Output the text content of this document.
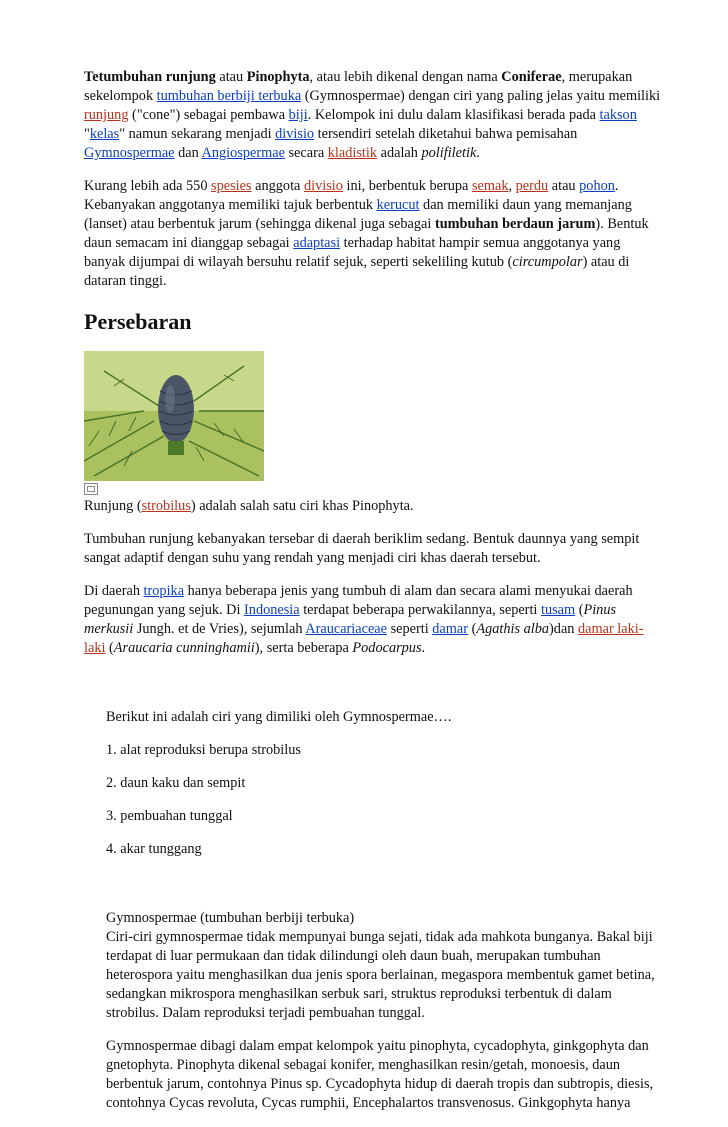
Tetumbuhan runjung atau Pinophyta, atau lebih dikenal dengan nama Coniferae, merupakan sekelompok tumbuhan berbiji terbuka (Gymnospermae) dengan ciri yang paling jelas yaitu memiliki runjung ("cone") sebagai pembawa biji. Kelompok ini dulu dalam klasifikasi berada pada takson "kelas" namun sekarang menjadi divisio tersendiri setelah diketahui bahwa pemisahan Gymnospermae dan Angiospermae secara kladistik adalah polifiletik.

Kurang lebih ada 550 spesies anggota divisio ini, berbentuk berupa semak, perdu atau pohon. Kebanyakan anggotanya memiliki tajuk berbentuk kerucut dan memiliki daun yang memanjang (lanset) atau berbentuk jarum (sehingga dikenal juga sebagai tumbuhan berdaun jarum). Bentuk daun semacam ini dianggap sebagai adaptasi terhadap habitat hampir semua anggotanya yang banyak dijumpai di wilayah bersuhu relatif sejuk, seperti sekeliling kutub (circumpolar) atau di dataran tinggi.

Persebaran

Runjung (strobilus) adalah salah satu ciri khas Pinophyta.

Tumbuhan runjung kebanyakan tersebar di daerah beriklim sedang. Bentuk daunnya yang sempit sangat adaptif dengan suhu yang rendah yang menjadi ciri khas daerah tersebut.

Di daerah tropika hanya beberapa jenis yang tumbuh di alam dan secara alami menyukai daerah pegunungan yang sejuk. Di Indonesia terdapat beberapa perwakilannya, seperti tusam (Pinus merkusii Jungh. et de Vries), sejumlah Araucariaceae seperti damar (Agathis alba)dan damar laki-laki (Araucaria cunninghamii), serta beberapa Podocarpus.

Berikut ini adalah ciri yang dimiliki oleh Gymnospermae….

1. alat reproduksi berupa strobilus

2. daun kaku dan sempit

3. pembuahan tunggal

4. akar tunggang

Gymnospermae (tumbuhan berbiji terbuka)
Ciri-ciri gymnospermae tidak mempunyai bunga sejati, tidak ada mahkota bunganya. Bakal biji terdapat di luar permukaan dan tidak dilindungi oleh daun buah, merupakan tumbuhan heterospora yaitu menghasilkan dua jenis spora berlainan, megaspora membentuk gamet betina, sedangkan mikrospora menghasilkan serbuk sari, struktus reproduksi terbentuk di dalam strobilus. Dalam reproduksi terjadi pembuahan tunggal.

Gymnospermae dibagi dalam empat kelompok yaitu pinophyta, cycadophyta, ginkgophyta dan gnetophyta. Pinophyta dikenal sebagai konifer, menghasilkan resin/getah, monoesis, daun berbentuk jarum, contohnya Pinus sp. Cycadophyta hidup di daerah tropis dan subtropis, diesis, contohnya Cycas revoluta, Cycas rumphii, Encephalartos transvenosus. Ginkgophyta hanya
